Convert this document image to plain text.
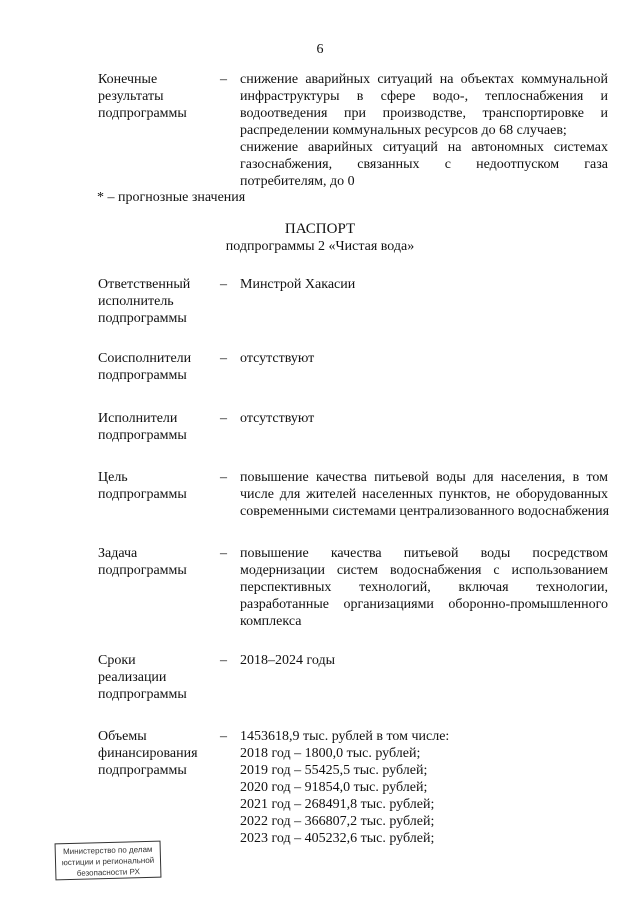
6
Конечные
результаты
подпрограммы
– снижение аварийных ситуаций на объектах коммунальной
инфраструктуры в сфере водо-, теплоснабжения и
водоотведения при производстве, транспортировке и
распределении коммунальных ресурсов до 68 случаев;
снижение аварийных ситуаций на автономных системах
газоснабжения, связанных с недоотпуском газа
потребителям, до 0
* – прогнозные значения
ПАСПОРТ
подпрограммы 2 «Чистая вода»
Ответственный
исполнитель
подпрограммы
– Минстрой Хакасии
Соисполнители
подпрограммы
– отсутствуют
Исполнители
подпрограммы
– отсутствуют
Цель
подпрограммы
– повышение качества питьевой воды для населения, в том
числе для жителей населенных пунктов, не оборудованных
современными системами централизованного водоснабжения
Задача
подпрограммы
– повышение качества питьевой воды посредством
модернизации систем водоснабжения с использованием
перспективных технологий, включая технологии,
разработанные организациями оборонно-промышленного
комплекса
Сроки
реализации
подпрограммы
– 2018–2024 годы
Объемы
финансирования
подпрограммы
– 1453618,9 тыс. рублей в том числе:
2018 год – 1800,0 тыс. рублей;
2019 год – 55425,5 тыс. рублей;
2020 год – 91854,0 тыс. рублей;
2021 год – 268491,8 тыс. рублей;
2022 год – 366807,2 тыс. рублей;
2023 год – 405232,6 тыс. рублей;
Министерство по делам
юстиции и региональной
безопасности РХ
